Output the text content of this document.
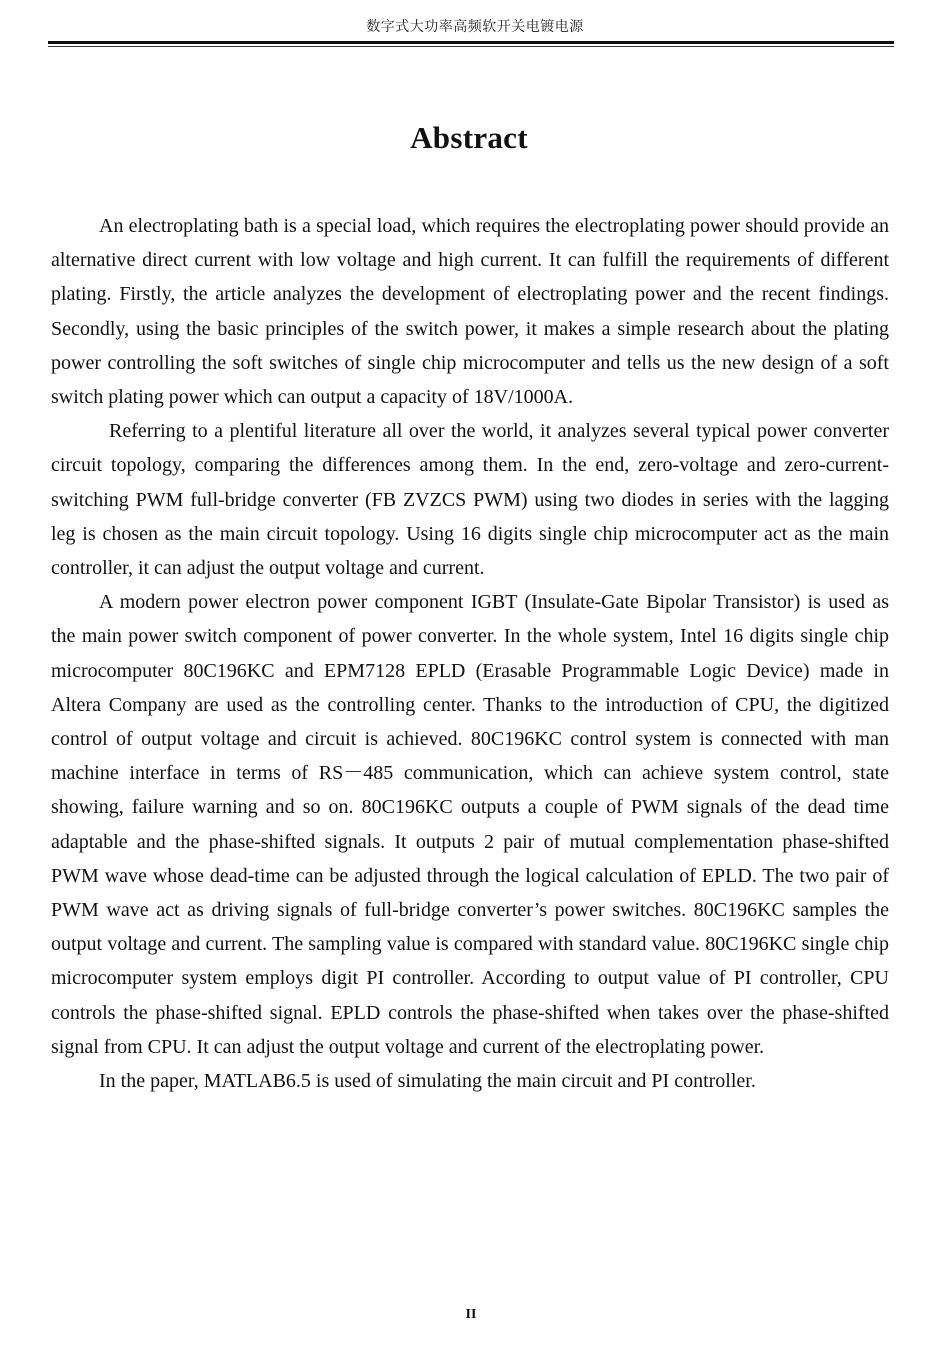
数字式大功率高频软开关电镀电源
Abstract

An electroplating bath is a special load, which requires the electroplating power should provide an alternative direct current with low voltage and high current. It can fulfill the requirements of different plating. Firstly, the article analyzes the development of electroplating power and the recent findings. Secondly, using the basic principles of the switch power, it makes a simple research about the plating power controlling the soft switches of single chip microcomputer and tells us the new design of a soft switch plating power which can output a capacity of 18V/1000A.

Referring to a plentiful literature all over the world, it analyzes several typical power converter circuit topology, comparing the differences among them. In the end, zero-voltage and zero-current-switching PWM full-bridge converter (FB ZVZCS PWM) using two diodes in series with the lagging leg is chosen as the main circuit topology. Using 16 digits single chip microcomputer act as the main controller, it can adjust the output voltage and current.

A modern power electron power component IGBT (Insulate-Gate Bipolar Transistor) is used as the main power switch component of power converter. In the whole system, Intel 16 digits single chip microcomputer 80C196KC and EPM7128 EPLD (Erasable Programmable Logic Device) made in Altera Company are used as the controlling center. Thanks to the introduction of CPU, the digitized control of output voltage and circuit is achieved. 80C196KC control system is connected with man machine interface in terms of RS－485 communication, which can achieve system control, state showing, failure warning and so on. 80C196KC outputs a couple of PWM signals of the dead time adaptable and the phase-shifted signals. It outputs 2 pair of mutual complementation phase-shifted PWM wave whose dead-time can be adjusted through the logical calculation of EPLD. The two pair of PWM wave act as driving signals of full-bridge converter’s power switches. 80C196KC samples the output voltage and current. The sampling value is compared with standard value. 80C196KC single chip microcomputer system employs digit PI controller. According to output value of PI controller, CPU controls the phase-shifted signal. EPLD controls the phase-shifted when takes over the phase-shifted signal from CPU. It can adjust the output voltage and current of the electroplating power.

In the paper, MATLAB6.5 is used of simulating the main circuit and PI controller.

II
